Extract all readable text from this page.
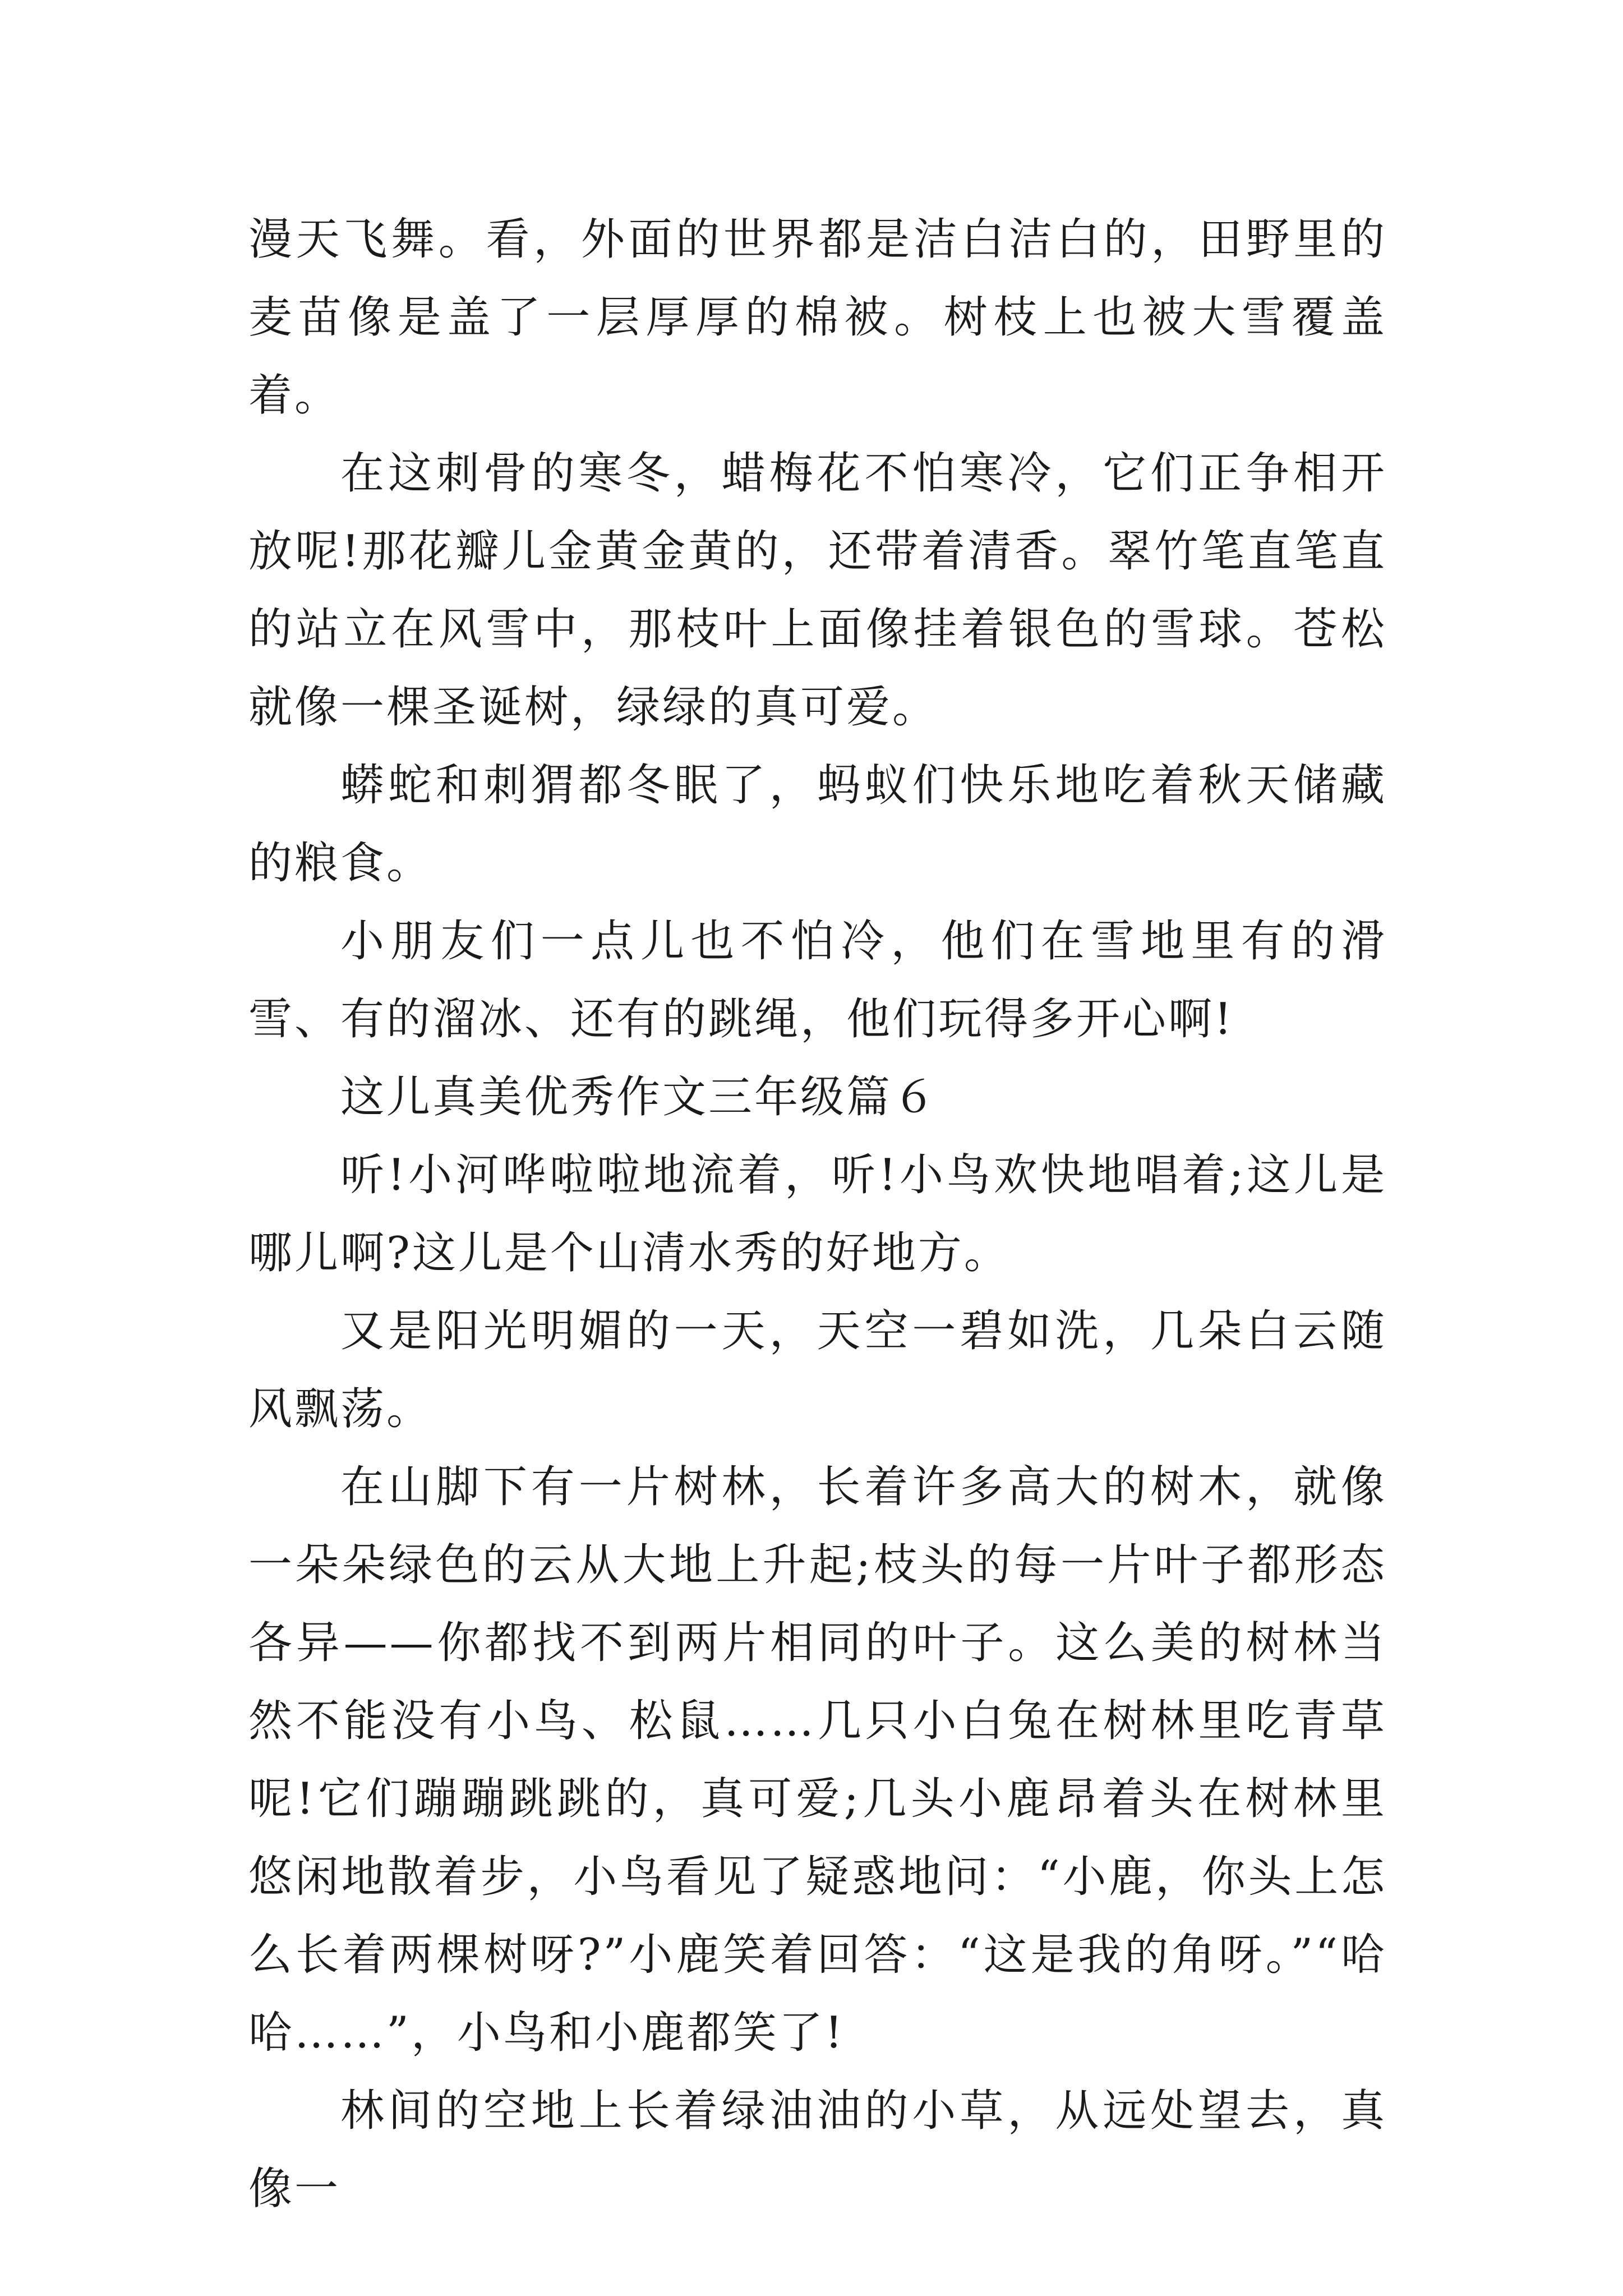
漫天飞舞。看，外面的世界都是洁白洁白的，田野里的麦苗像是盖了一层厚厚的棉被。树枝上也被大雪覆盖着。

在这刺骨的寒冬，蜡梅花不怕寒冷，它们正争相开放呢!那花瓣儿金黄金黄的，还带着清香。翠竹笔直笔直的站立在风雪中，那枝叶上面像挂着银色的雪球。苍松就像一棵圣诞树，绿绿的真可爱。

蟒蛇和刺猬都冬眠了，蚂蚁们快乐地吃着秋天储藏的粮食。

小朋友们一点儿也不怕冷，他们在雪地里有的滑雪、有的溜冰、还有的跳绳，他们玩得多开心啊!

这儿真美优秀作文三年级篇６

听!小河哗啦啦地流着，听!小鸟欢快地唱着;这儿是哪儿啊?这儿是个山清水秀的好地方。

又是阳光明媚的一天，天空一碧如洗，几朵白云随风飘荡。

在山脚下有一片树林，长着许多高大的树木，就像一朵朵绿色的云从大地上升起;枝头的每一片叶子都形态各异——你都找不到两片相同的叶子。这么美的树林当然不能没有小鸟、松鼠……几只小白兔在树林里吃青草呢!它们蹦蹦跳跳的，真可爱;几头小鹿昂着头在树林里悠闲地散着步，小鸟看见了疑惑地问：“小鹿，你头上怎么长着两棵树呀?”小鹿笑着回答：“这是我的角呀。”“哈哈……”，小鸟和小鹿都笑了!

林间的空地上长着绿油油的小草，从远处望去，真像一
